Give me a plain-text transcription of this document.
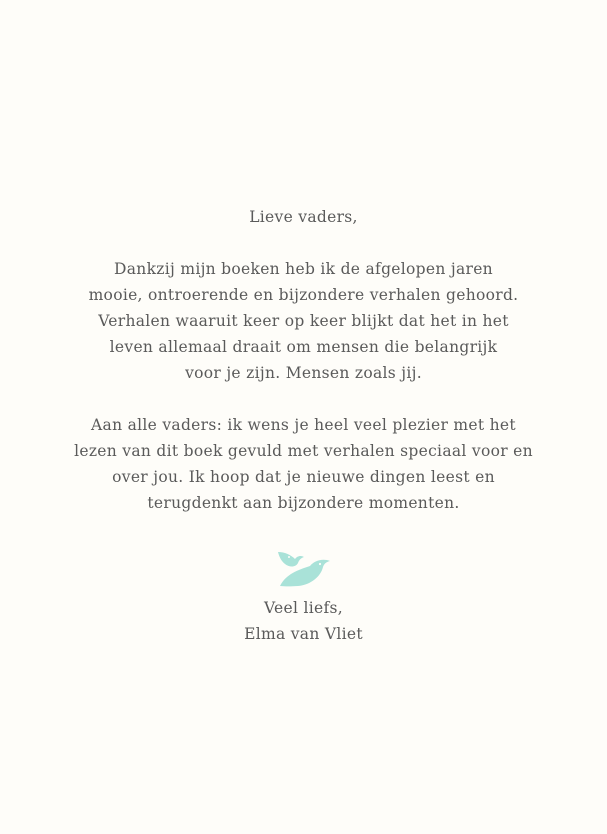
Lieve vaders,
Dankzij mijn boeken heb ik de afgelopen jaren
mooie, ontroerende en bijzondere verhalen gehoord.
Verhalen waaruit keer op keer blijkt dat het in het
leven allemaal draait om mensen die belangrijk
voor je zijn. Mensen zoals jij.
Aan alle vaders: ik wens je heel veel plezier met het
lezen van dit boek gevuld met verhalen speciaal voor en
over jou. Ik hoop dat je nieuwe dingen leest en
terugdenkt aan bijzondere momenten.
Veel liefs,
Elma van Vliet
